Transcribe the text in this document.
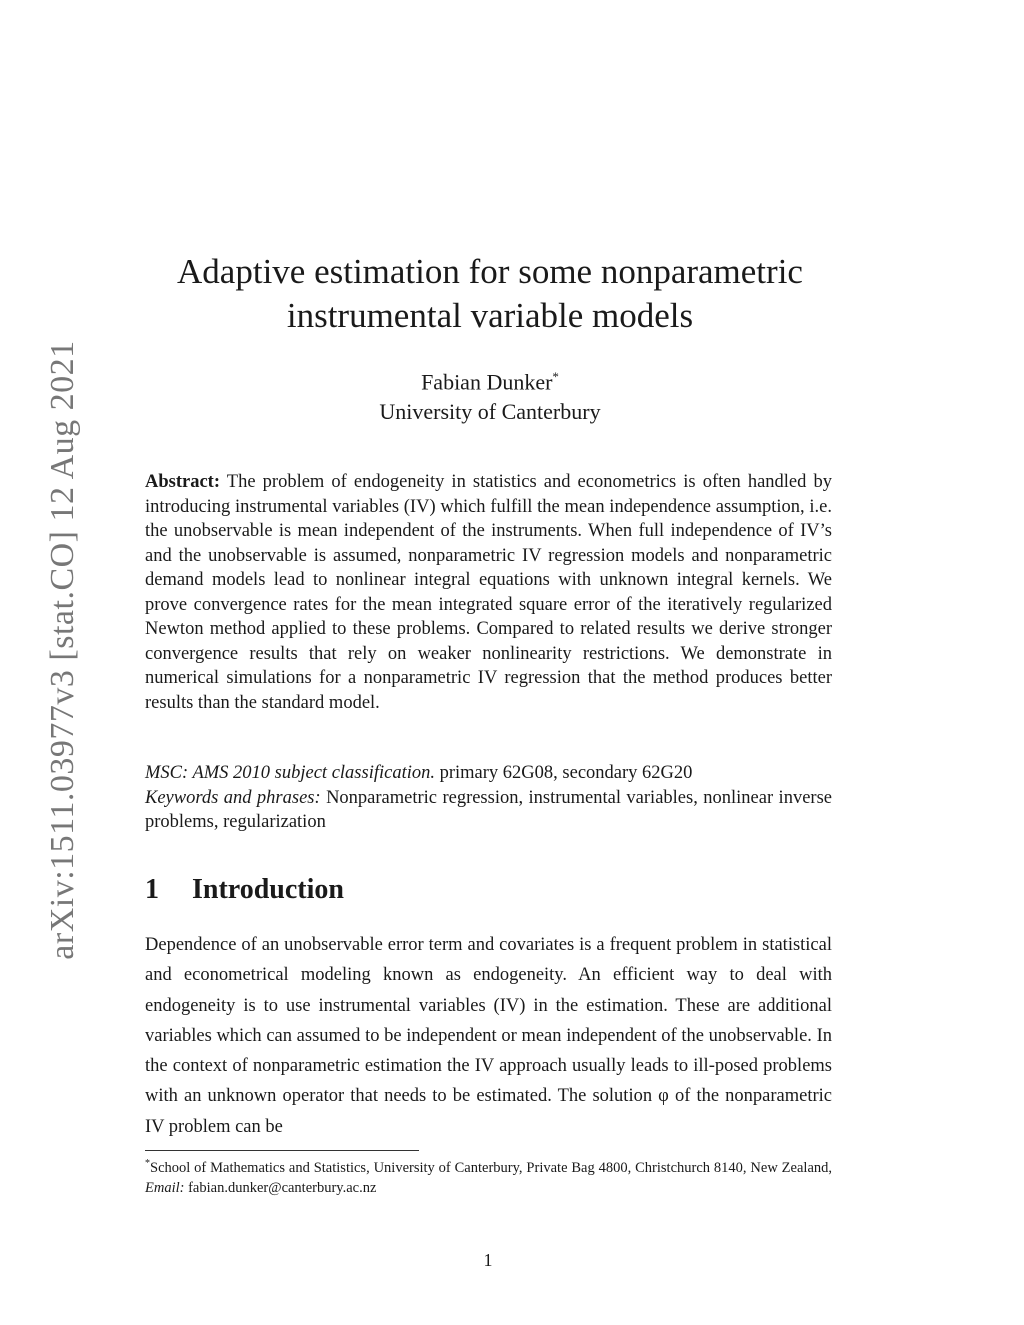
arXiv:1511.03977v3 [stat.CO] 12 Aug 2021
Adaptive estimation for some nonparametric
instrumental variable models
Fabian Dunker*
University of Canterbury
Abstract: The problem of endogeneity in statistics and econometrics is often handled by introducing instrumental variables (IV) which fulfill the mean independence assumption, i.e. the unobservable is mean independent of the instruments. When full independence of IV’s and the unobservable is assumed, nonparametric IV regression models and nonparametric demand models lead to nonlinear integral equations with unknown integral kernels. We prove convergence rates for the mean integrated square error of the iteratively regularized Newton method applied to these problems. Compared to related results we derive stronger convergence results that rely on weaker nonlinearity restrictions. We demonstrate in numerical simulations for a nonparametric IV regression that the method produces better results than the standard model.
MSC: AMS 2010 subject classification. primary 62G08, secondary 62G20
Keywords and phrases: Nonparametric regression, instrumental variables, nonlinear inverse problems, regularization
1 Introduction
Dependence of an unobservable error term and covariates is a frequent problem in statistical and econometrical modeling known as endogeneity. An efficient way to deal with endogeneity is to use instrumental variables (IV) in the estimation. These are additional variables which can assumed to be independent or mean independent of the unobservable. In the context of nonparametric estimation the IV approach usually leads to ill-posed problems with an unknown operator that needs to be estimated. The solution φ of the nonparametric IV problem can be
*School of Mathematics and Statistics, University of Canterbury, Private Bag 4800, Christchurch 8140, New Zealand, Email: fabian.dunker@canterbury.ac.nz
1
